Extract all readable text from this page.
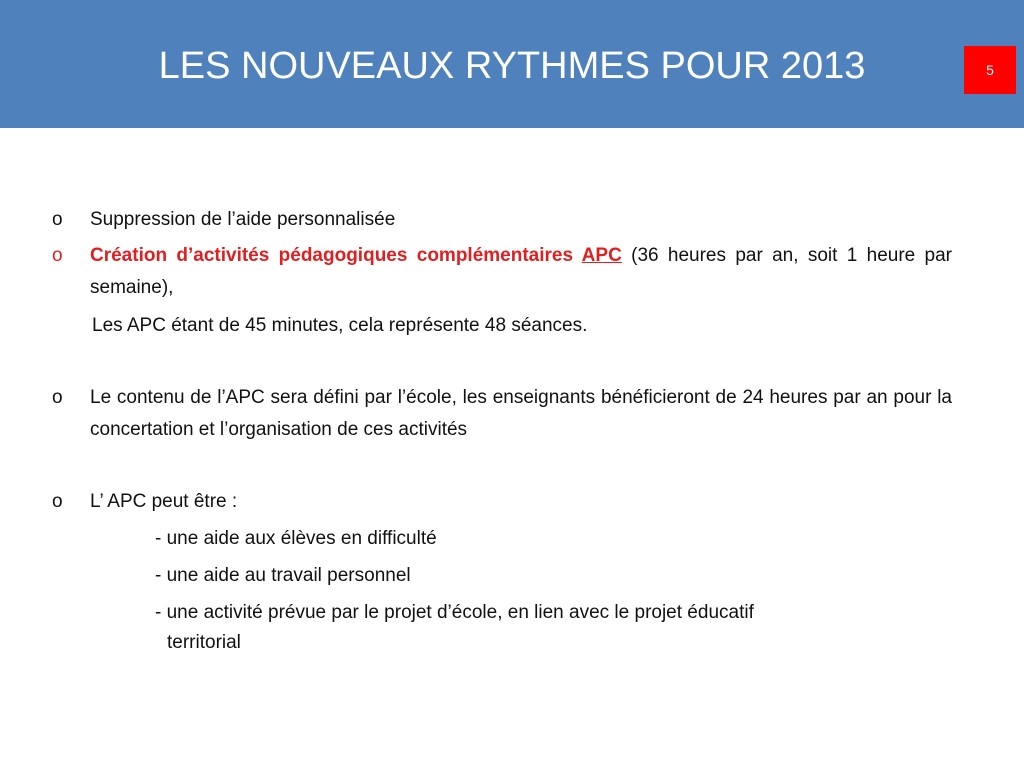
LES NOUVEAUX RYTHMES POUR 2013	5
o Suppression de l’aide personnalisée
o Création d’activités pédagogiques complémentaires APC (36 heures par an, soit 1 heure par semaine),
Les APC étant de 45 minutes, cela représente 48 séances.
o Le contenu de l’APC sera défini par l’école, les enseignants bénéficieront de 24 heures par an pour la concertation et l’organisation de ces activités
o L’ APC peut être :
- une aide aux élèves en difficulté
- une aide au travail personnel
- une activité prévue par le projet d’école, en lien avec le projet éducatif
territorial
